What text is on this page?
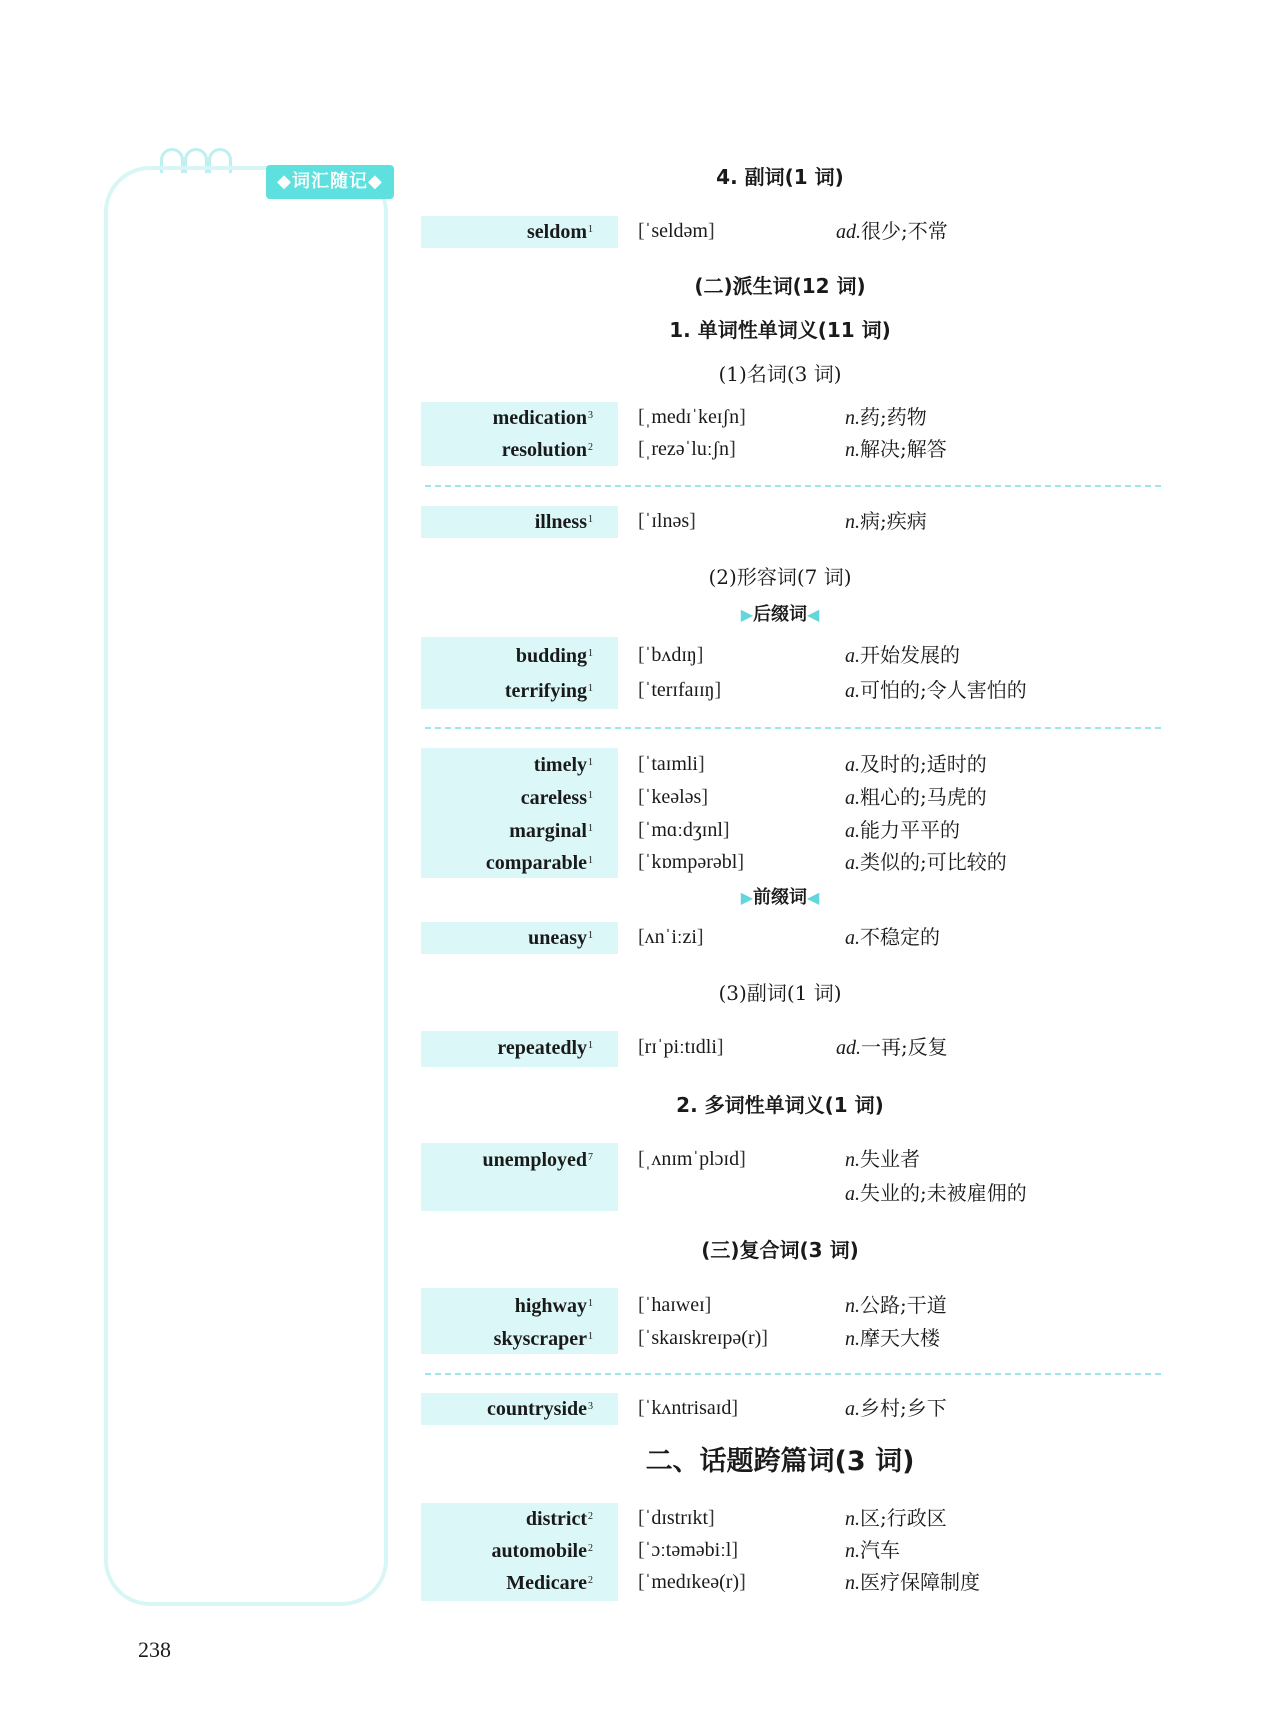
◆词汇随记◆	4. 副词(1 词)
seldom$^1$ [ˈseldəm]	ad.很少;不常
(二)派生词(12 词)
1. 单词性单词义(11 词)
(1)名词(3 词)
medication$^3$ [ˌmedɪˈkeɪʃn]	n.药;药物
resolution$^2$ [ˌrezəˈluːʃn]	n.解决;解答
illness$^1$ [ˈɪlnəs]	n.病;疾病
(2)形容词(7 词)
▶后缀词◀
budding$^1$ [ˈbʌdɪŋ]	a.开始发展的
terrifying$^1$ [ˈterɪfaɪɪŋ]	a.可怕的;令人害怕的
timely$^1$ [ˈtaɪmli]	a.及时的;适时的
careless$^1$ [ˈkeələs]	a.粗心的;马虎的
marginal$^1$ [ˈmɑːdʒɪnl]	a.能力平平的
comparable$^1$ [ˈkɒmpərəbl]	a.类似的;可比较的
▶前缀词◀
uneasy$^1$ [ʌnˈiːzi]	a.不稳定的
(3)副词(1 词)
repeatedly$^1$ [rɪˈpiːtɪdli]	ad.一再;反复
2. 多词性单词义(1 词)
unemployed$^7$ [ˌʌnɪmˈplɔɪd]	n.失业者
a.失业的;未被雇佣的
(三)复合词(3 词)
highway$^1$ [ˈhaɪweɪ]	n.公路;干道
skyscraper$^1$ [ˈskaɪskreɪpə(r)]	n.摩天大楼
countryside$^3$ [ˈkʌntrisaɪd]	a.乡村;乡下
二、话题跨篇词(3 词)
district$^2$ [ˈdɪstrɪkt]	n.区;行政区
automobile$^2$ [ˈɔːtəməbiːl]	n.汽车
Medicare$^2$ [ˈmedɪkeə(r)]	n.医疗保障制度
238
